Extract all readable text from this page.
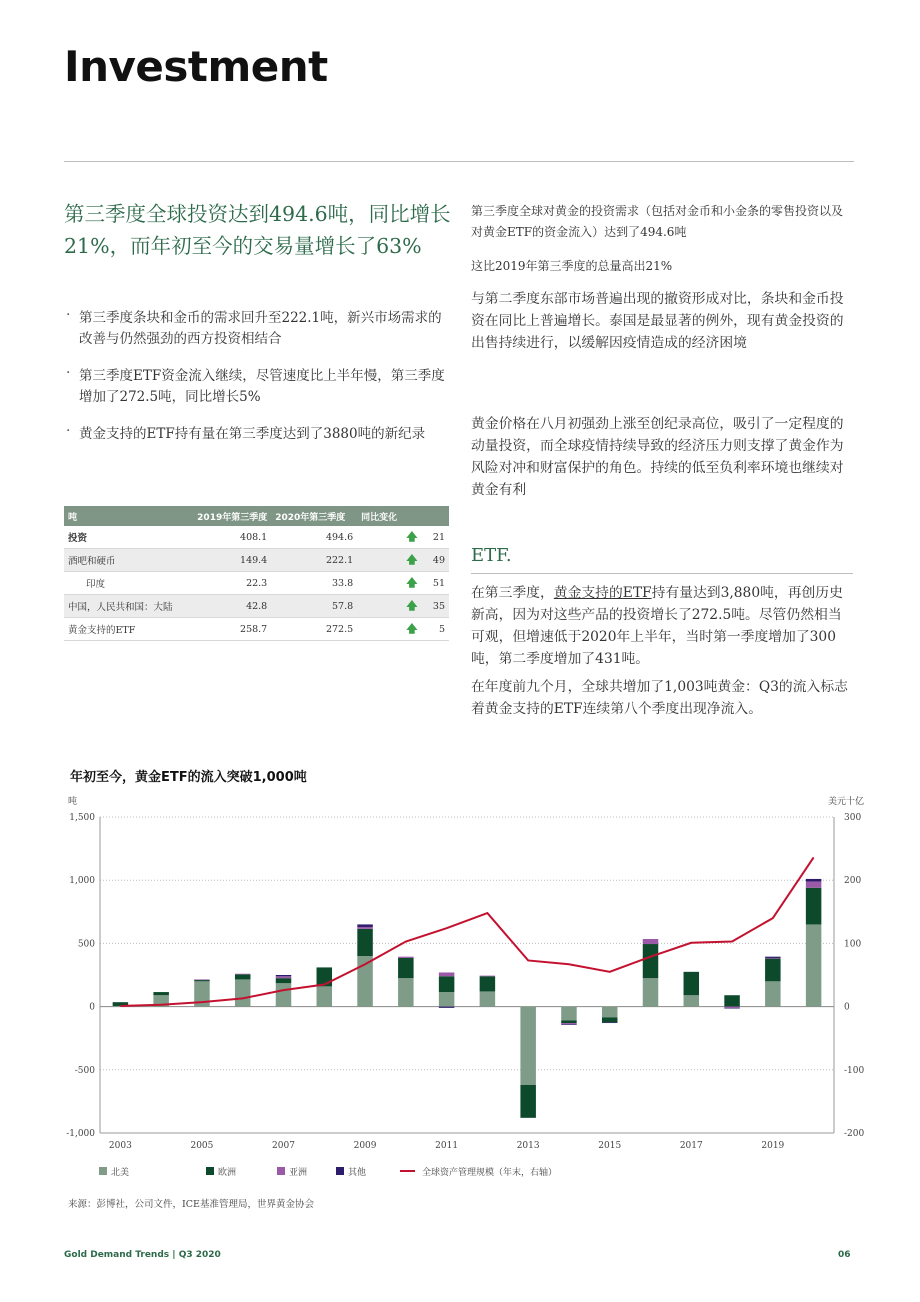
Investment
第三季度全球投资达到494.6吨，同比增长21%，而年初至今的交易量增长了63%
· 第三季度条块和金币的需求回升至222.1吨，新兴市场需求的改善与仍然强劲的西方投资相结合
· 第三季度ETF资金流入继续，尽管速度比上半年慢，第三季度增加了272.5吨，同比增长5%
· 黄金支持的ETF持有量在第三季度达到了3880吨的新纪录
第三季度全球对黄金的投资需求（包括对金币和小金条的零售投资以及对黄金ETF的资金流入）达到了494.6吨
这比2019年第三季度的总量高出21%
与第二季度东部市场普遍出现的撤资形成对比，条块和金币投资在同比上普遍增长。泰国是最显著的例外，现有黄金投资的出售持续进行，以缓解因疫情造成的经济困境
黄金价格在八月初强劲上涨至创纪录高位，吸引了一定程度的动量投资，而全球疫情持续导致的经济压力则支撑了黄金作为风险对冲和财富保护的角色。持续的低至负利率环境也继续对黄金有利
吨	2019年第三季度	2020年第三季度	同比变化	
投资	408.1	494.6	🡅	21
酒吧和硬币	149.4	222.1	🡅	49
印度	22.3	33.8	🡅	51
中国，人民共和国：大陆	42.8	57.8	🡅	35
黄金支持的ETF	258.7	272.5	🡅	5
ETF.
在第三季度，黄金支持的ETF持有量达到3,880吨，再创历史新高，因为对这些产品的投资增长了272.5吨。尽管仍然相当可观，但增速低于2020年上半年，当时第一季度增加了300吨，第二季度增加了431吨。
在年度前九个月，全球共增加了1,003吨黄金：Q3的流入标志着黄金支持的ETF连续第八个季度出现净流入。
年初至今，黄金ETF的流入突破1,000吨
吨	美元十亿
1,500
1,000
500
0
-500
-1,000
300
200
100
0
-100
-200
2003	2005	2007	2009	2011	2013	2015	2017	2019
北美	欧洲	亚洲	其他	全球资产管理规模（年末，右轴）
来源：彭博社，公司文件，ICE基准管理局，世界黄金协会
Gold Demand Trends | Q3 2020	06
